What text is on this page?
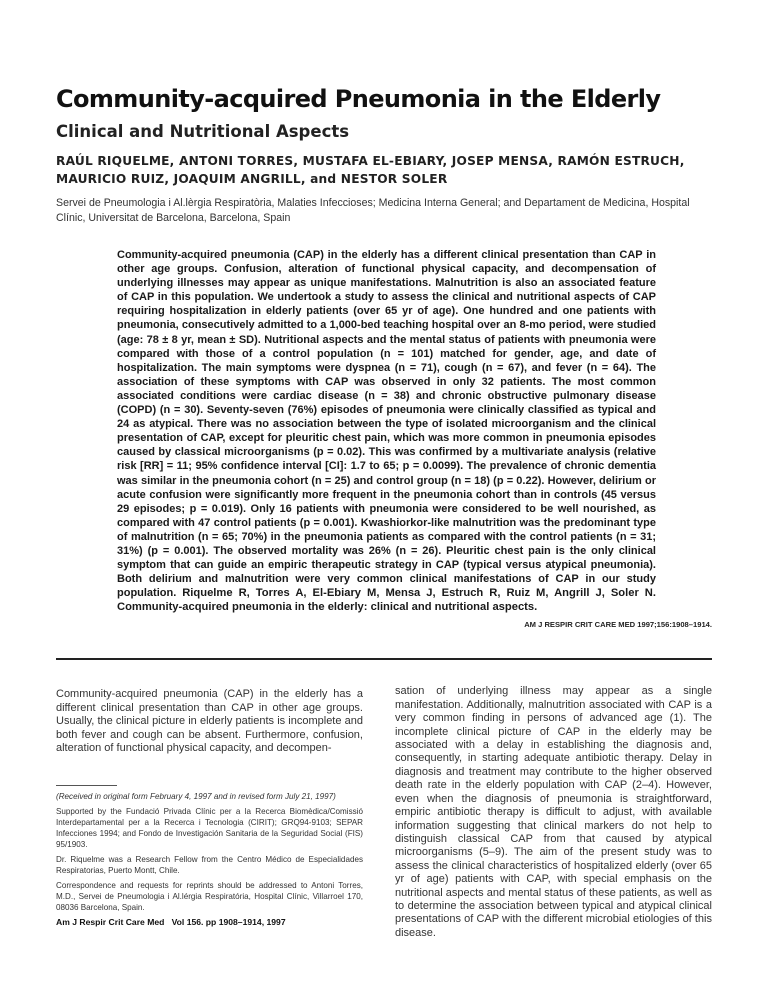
Community-acquired Pneumonia in the Elderly
Clinical and Nutritional Aspects
RAÚL RIQUELME, ANTONI TORRES, MUSTAFA EL-EBIARY, JOSEP MENSA, RAMÓN ESTRUCH, MAURICIO RUIZ, JOAQUIM ANGRILL, and NESTOR SOLER
Servei de Pneumologia i Al.lèrgia Respiratòria, Malaties Infeccioses; Medicina Interna General; and Departament de Medicina, Hospital Clínic, Universitat de Barcelona, Barcelona, Spain
Community-acquired pneumonia (CAP) in the elderly has a different clinical presentation than CAP in other age groups. Confusion, alteration of functional physical capacity, and decompensation of underlying illnesses may appear as unique manifestations. Malnutrition is also an associated feature of CAP in this population. We undertook a study to assess the clinical and nutritional aspects of CAP requiring hospitalization in elderly patients (over 65 yr of age). One hundred and one patients with pneumonia, consecutively admitted to a 1,000-bed teaching hospital over an 8-mo period, were studied (age: 78 ± 8 yr, mean ± SD). Nutritional aspects and the mental status of patients with pneumonia were compared with those of a control population (n = 101) matched for gender, age, and date of hospitalization. The main symptoms were dyspnea (n = 71), cough (n = 67), and fever (n = 64). The association of these symptoms with CAP was observed in only 32 patients. The most common associated conditions were cardiac disease (n = 38) and chronic obstructive pulmonary disease (COPD) (n = 30). Seventy-seven (76%) episodes of pneumonia were clinically classified as typical and 24 as atypical. There was no association between the type of isolated microorganism and the clinical presentation of CAP, except for pleuritic chest pain, which was more common in pneumonia episodes caused by classical microorganisms (p = 0.02). This was confirmed by a multivariate analysis (relative risk [RR] = 11; 95% confidence interval [CI]: 1.7 to 65; p = 0.0099). The prevalence of chronic dementia was similar in the pneumonia cohort (n = 25) and control group (n = 18) (p = 0.22). However, delirium or acute confusion were significantly more frequent in the pneumonia cohort than in controls (45 versus 29 episodes; p = 0.019). Only 16 patients with pneumonia were considered to be well nourished, as compared with 47 control patients (p = 0.001). Kwashiorkor-like malnutrition was the predominant type of malnutrition (n = 65; 70%) in the pneumonia patients as compared with the control patients (n = 31; 31%) (p = 0.001). The observed mortality was 26% (n = 26). Pleuritic chest pain is the only clinical symptom that can guide an empiric therapeutic strategy in CAP (typical versus atypical pneumonia). Both delirium and malnutrition were very common clinical manifestations of CAP in our study population. Riquelme R, Torres A, El-Ebiary M, Mensa J, Estruch R, Ruiz M, Angrill J, Soler N. Community-acquired pneumonia in the elderly: clinical and nutritional aspects.
AM J RESPIR CRIT CARE MED 1997;156:1908–1914.
Community-acquired pneumonia (CAP) in the elderly has a different clinical presentation than CAP in other age groups. Usually, the clinical picture in elderly patients is incomplete and both fever and cough can be absent. Furthermore, confusion, alteration of functional physical capacity, and decompen-
(Received in original form February 4, 1997 and in revised form July 21, 1997)
Supported by the Fundació Privada Clínic per a la Recerca Biomèdica/Comissió Interdepartamental per a la Recerca i Tecnologia (CIRIT); GRQ94-9103; SEPAR Infecciones 1994; and Fondo de Investigación Sanitaria de la Seguridad Social (FIS) 95/1903.
Dr. Riquelme was a Research Fellow from the Centro Médico de Especialidades Respiratorias, Puerto Montt, Chile.
Correspondence and requests for reprints should be addressed to Antoni Torres, M.D., Servei de Pneumologia i Al.lérgia Respiratória, Hospital Clínic, Villarroel 170, 08036 Barcelona, Spain.
Am J Respir Crit Care Med   Vol 156. pp 1908–1914, 1997
sation of underlying illness may appear as a single manifestation. Additionally, malnutrition associated with CAP is a very common finding in persons of advanced age (1). The incomplete clinical picture of CAP in the elderly may be associated with a delay in establishing the diagnosis and, consequently, in starting adequate antibiotic therapy. Delay in diagnosis and treatment may contribute to the higher observed death rate in the elderly population with CAP (2–4). However, even when the diagnosis of pneumonia is straightforward, empiric antibiotic therapy is difficult to adjust, with available information suggesting that clinical markers do not help to distinguish classical CAP from that caused by atypical microorganisms (5–9). The aim of the present study was to assess the clinical characteristics of hospitalized elderly (over 65 yr of age) patients with CAP, with special emphasis on the nutritional aspects and mental status of these patients, as well as to determine the association between typical and atypical clinical presentations of CAP with the different microbial etiologies of this disease.
